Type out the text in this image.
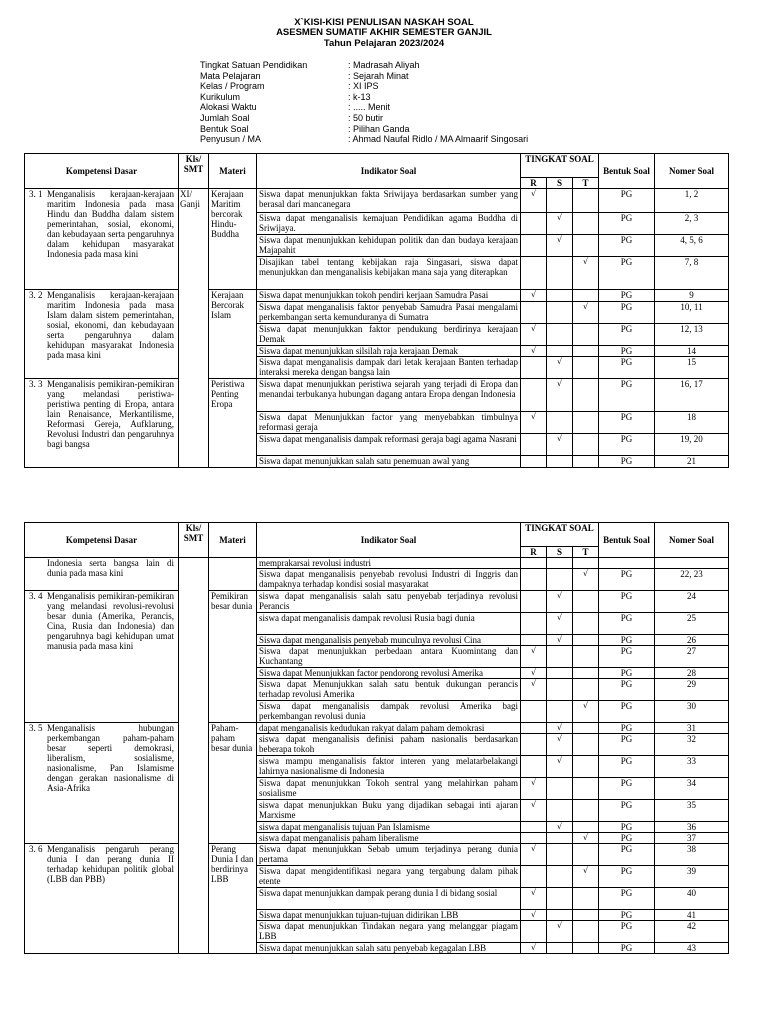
X`KISI-KISI PENULISAN NASKAH SOAL
ASESMEN SUMATIF AKHIR SEMESTER GANJIL
Tahun Pelajaran 2023/2024
Tingkat Satuan Pendidikan	: Madrasah Aliyah
Mata Pelajaran	: Sejarah Minat
Kelas / Program	: XI IPS
Kurikulum	: k-13
Alokasi Waktu	: ..... Menit
Jumlah Soal	: 50 butir
Bentuk Soal	: Pilihan Ganda
Penyusun / MA	: Ahmad Naufal Ridlo / MA Almaarif Singosari
Kompetensi Dasar	Kls/ SMT	Materi	Indikator Soal	TINGKAT SOAL			Bentuk Soal	Nomer Soal
				R	S	T		

3. 1 Menganalisis kerajaan-kerajaan maritim Indonesia pada masa Hindu dan Buddha dalam sistem pemerintahan, sosial, ekonomi, dan kebudayaan serta pengaruhnya dalam kehidupan masyarakat Indonesia pada masa kini	XI/ Ganji	Kerajaan Maritim bercorak Hindu-Buddha	Siswa dapat menunjukkan fakta Sriwijaya berdasarkan sumber yang berasal dari mancanegara	√			PG	1, 2
			Siswa dapat menganalisis kemajuan Pendidikan agama Buddha di Sriwijaya.		√		PG	2, 3
			Siswa dapat menunjukkan kehidupan politik dan dan budaya kerajaan Majapahit		√		PG	4, 5, 6
			Disajikan tabel tentang kebijakan raja Singasari, siswa dapat menunjukkan dan menganalisis kebijakan mana saja yang diterapkan			√	PG	7, 8

3. 2 Menganalisis kerajaan-kerajaan maritim Indonesia pada masa Islam dalam sistem pemerintahan, sosial, ekonomi, dan kebudayaan serta pengaruhnya dalam kehidupan masyarakat Indonesia pada masa kini		Kerajaan Bercorak Islam	Siswa dapat menunjukkan tokoh pendiri kerjaan Samudra Pasai	√			PG	9
			Siswa dapat menganalisis faktor penyebab Samudra Pasai mengalami perkembangan serta kemunduranya di Sumatra			√	PG	10, 11
			Siswa dapat menunjukkan faktor pendukung berdirinya kerajaan Demak	√			PG	12, 13
			Siswa dapat menunjukkan silsilah raja kerajaan Demak	√			PG	14
			Siswa dapat menganalisis dampak dari letak kerajaan Banten terhadap interaksi mereka dengan bangsa lain		√		PG	15

3. 3 Menganalisis pemikiran-pemikiran yang melandasi peristiwa-peristiwa penting di Eropa, antara lain Renaisance, Merkantilisme, Reformasi Gereja, Aufklarung, Revolusi Industri dan pengaruhnya bagi bangsa		Peristiwa Penting Eropa	Siswa dapat menunjukkan peristiwa sejarah yang terjadi di Eropa dan menandai terbukanya hubungan dagang antara Eropa dengan Indonesia		√		PG	16, 17
			Siswa dapat Menunjukkan factor yang menyebabkan timbulnya reformasi geraja	√			PG	18
			Siswa dapat menganalisis dampak reformasi geraja bagi agama Nasrani		√		PG	19, 20
			Siswa dapat menunjukkan salah satu penemuan awal yang				PG	21
Kompetensi Dasar	Kls/ SMT	Materi	Indikator Soal	TINGKAT SOAL			Bentuk Soal	Nomer Soal
				R	S	T		

Indonesia serta bangsa lain di dunia pada masa kini			memprakarsai revolusi industri					
			Siswa dapat menganalisis penyebab revolusi Industri di Inggris dan dampaknya terhadap kondisi sosial masyarakat			√	PG	22, 23

3. 4 Menganalisis pemikiran-pemikiran yang melandasi revolusi-revolusi besar dunia (Amerika, Perancis, Cina, Rusia dan Indonesia) dan pengaruhnya bagi kehidupan umat manusia pada masa kini		Pemikiran besar dunia	siswa dapat menganalisis salah satu penyebab terjadinya revolusi Perancis		√		PG	24
			siswa dapat menganalisis dampak revolusi Rusia bagi dunia		√		PG	25
			Siswa dapat menganalisis penyebab munculnya revolusi Cina		√		PG	26
			Siswa dapat menunjukkan perbedaan antara Kuomintang dan Kuchantang	√			PG	27
			Siswa dapat Menunjukkan factor pendorong revolusi Amerika	√			PG	28
			Siswa dapat Menunjukkan salah satu bentuk dukungan perancis terhadap revolusi Amerika	√			PG	29
			Siswa dapat menganalisis dampak revolusi Amerika bagi perkembangan revolusi dunia			√	PG	30

3. 5 Menganalisis hubungan perkembangan paham-paham besar seperti demokrasi, liberalism, sosialisme, nasionalisme, Pan Islamisme dengan gerakan nasionalisme di Asia-Afrika		Paham-paham besar dunia	dapat menganalisis kedudukan rakyat dalam paham demokrasi		√		PG	31
			siswa dapat menganalisis definisi paham nasionalis berdasarkan beberapa tokoh		√		PG	32
			siswa mampu menganalisis faktor interen yang melatarbelakangi lahirnya nasionalisme di Indonesia		√		PG	33
			Siswa dapat menunjukkan Tokoh sentral yang melahirkan paham sosialisme	√			PG	34
			siswa dapat menunjukkan Buku yang dijadikan sebagai inti ajaran Marxisme	√			PG	35
			siswa dapat menganalisis tujuan Pan Islamisme		√		PG	36
			siswa dapat menganalisis paham liberalisme			√	PG	37

3. 6 Menganalisis pengaruh perang dunia I dan perang dunia II terhadap kehidupan politik global (LBB dan PBB)		Perang Dunia I dan berdirinya LBB	Siswa dapat menunjukkan Sebab umum terjadinya perang dunia pertama	√			PG	38
			Siswa dapat mengidentifikasi negara yang tergabung dalam pihak etente			√	PG	39
			Siswa dapat menunjukkan dampak perang dunia I di bidang sosial	√			PG	40
			Siswa dapat menunjukkan tujuan-tujuan didirikan LBB	√			PG	41
			Siswa dapat menunjukkan Tindakan negara yang melanggar piagam LBB		√		PG	42
			Siswa dapat menunjukkan salah satu penyebab kegagalan LBB	√			PG	43
